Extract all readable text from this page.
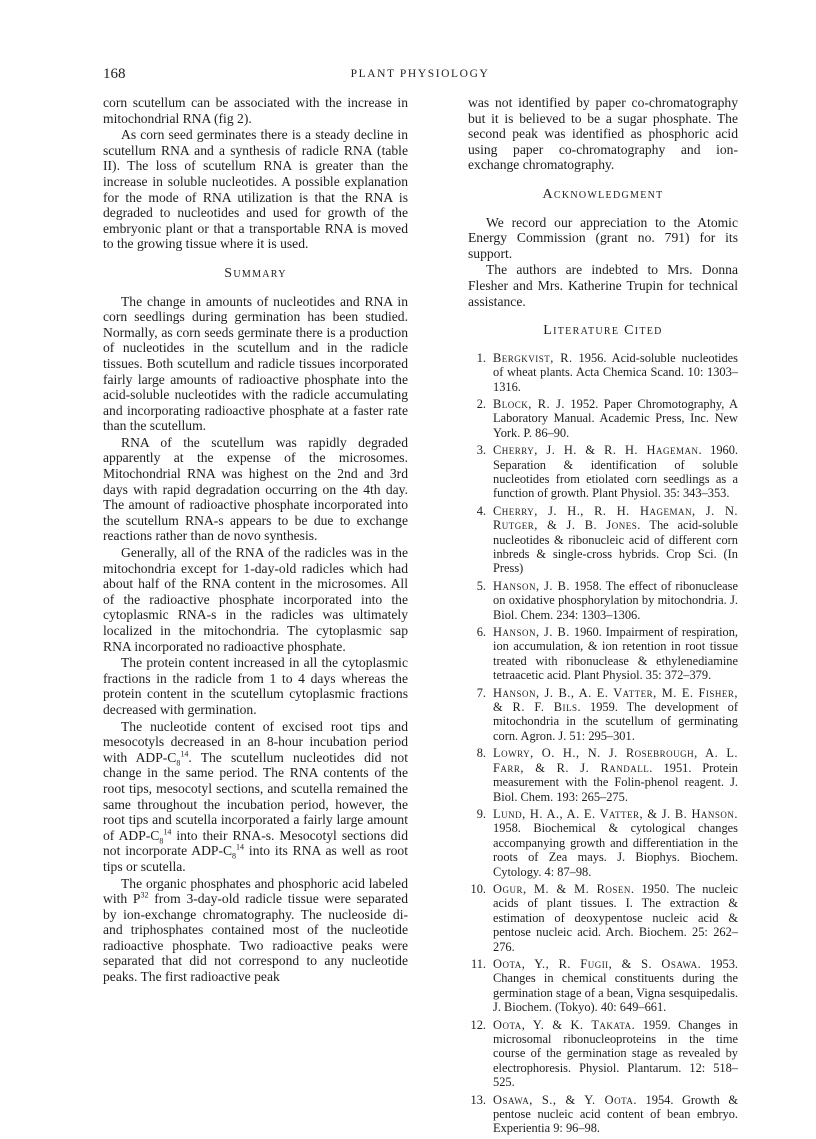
168	PLANT PHYSIOLOGY

corn scutellum can be associated with the increase in mitochondrial RNA (fig 2).

As corn seed germinates there is a steady decline in scutellum RNA and a synthesis of radicle RNA (table II). The loss of scutellum RNA is greater than the increase in soluble nucleotides. A possible explanation for the mode of RNA utilization is that the RNA is degraded to nucleotides and used for growth of the embryonic plant or that a transportable RNA is moved to the growing tissue where it is used.

Summary

The change in amounts of nucleotides and RNA in corn seedlings during germination has been studied. Normally, as corn seeds germinate there is a production of nucleotides in the scutellum and in the radicle tissues. Both scutellum and radicle tissues incorporated fairly large amounts of radioactive phosphate into the acid-soluble nucleotides with the radicle accumulating and incorporating radioactive phosphate at a faster rate than the scutellum.

RNA of the scutellum was rapidly degraded apparently at the expense of the microsomes. Mitochondrial RNA was highest on the 2nd and 3rd days with rapid degradation occurring on the 4th day. The amount of radioactive phosphate incorporated into the scutellum RNA-s appears to be due to exchange reactions rather than de novo synthesis.

Generally, all of the RNA of the radicles was in the mitochondria except for 1-day-old radicles which had about half of the RNA content in the microsomes. All of the radioactive phosphate incorporated into the cytoplasmic RNA-s in the radicles was ultimately localized in the mitochondria. The cytoplasmic sap RNA incorporated no radioactive phosphate.

The protein content increased in all the cytoplasmic fractions in the radicle from 1 to 4 days whereas the protein content in the scutellum cytoplasmic fractions decreased with germination.

The nucleotide content of excised root tips and mesocotyls decreased in an 8-hour incubation period with ADP-$C_8^{14}$. The scutellum nucleotides did not change in the same period. The RNA contents of the root tips, mesocotyl sections, and scutella remained the same throughout the incubation period, however, the root tips and scutella incorporated a fairly large amount of ADP-$C_8^{14}$ into their RNA-s. Mesocotyl sections did not incorporate ADP-$C_8^{14}$ into its RNA as well as root tips or scutella.

The organic phosphates and phosphoric acid labeled with $P^{32}$ from 3-day-old radicle tissue were separated by ion-exchange chromatography. The nucleoside di- and triphosphates contained most of the nucleotide radioactive phosphate. Two radioactive peaks were separated that did not correspond to any nucleotide peaks. The first radioactive peak

was not identified by paper co-chromatography but it is believed to be a sugar phosphate. The second peak was identified as phosphoric acid using paper co-chromatography and ion-exchange chromatography.

Acknowledgment

We record our appreciation to the Atomic Energy Commission (grant no. 791) for its support.

The authors are indebted to Mrs. Donna Flesher and Mrs. Katherine Trupin for technical assistance.

Literature Cited
1. Bergkvist, R. 1956. Acid-soluble nucleotides of wheat plants. Acta Chemica Scand. 10: 1303–1316.
2. Block, R. J. 1952. Paper Chromotography, A Laboratory Manual. Academic Press, Inc. New York. P. 86–90.
3. Cherry, J. H. & R. H. Hageman. 1960. Separation & identification of soluble nucleotides from etiolated corn seedlings as a function of growth. Plant Physiol. 35: 343–353.
4. Cherry, J. H., R. H. Hageman, J. N. Rutger, & J. B. Jones. The acid-soluble nucleotides & ribonucleic acid of different corn inbreds & single-cross hybrids. Crop Sci. (In Press)
5. Hanson, J. B. 1958. The effect of ribonuclease on oxidative phosphorylation by mitochondria. J. Biol. Chem. 234: 1303–1306.
6. Hanson, J. B. 1960. Impairment of respiration, ion accumulation, & ion retention in root tissue treated with ribonuclease & ethylenediamine tetraacetic acid. Plant Physiol. 35: 372–379.
7. Hanson, J. B., A. E. Vatter, M. E. Fisher, & R. F. Bils. 1959. The development of mitochondria in the scutellum of germinating corn. Agron. J. 51: 295–301.
8. Lowry, O. H., N. J. Rosebrough, A. L. Farr, & R. J. Randall. 1951. Protein measurement with the Folin-phenol reagent. J. Biol. Chem. 193: 265–275.
9. Lund, H. A., A. E. Vatter, & J. B. Hanson. 1958. Biochemical & cytological changes accompanying growth and differentiation in the roots of Zea mays. J. Biophys. Biochem. Cytology. 4: 87–98.
10. Ogur, M. & M. Rosen. 1950. The nucleic acids of plant tissues. I. The extraction & estimation of deoxypentose nucleic acid & pentose nucleic acid. Arch. Biochem. 25: 262–276.
11. Oota, Y., R. Fugii, & S. Osawa. 1953. Changes in chemical constituents during the germination stage of a bean, Vigna sesquipedalis. J. Biochem. (Tokyo). 40: 649–661.
12. Oota, Y. & K. Takata. 1959. Changes in microsomal ribonucleoproteins in the time course of the germination stage as revealed by electrophoresis. Physiol. Plantarum. 12: 518–525.
13. Osawa, S., & Y. Oota. 1954. Growth & pentose nucleic acid content of bean embryo. Experientia 9: 96–98.
